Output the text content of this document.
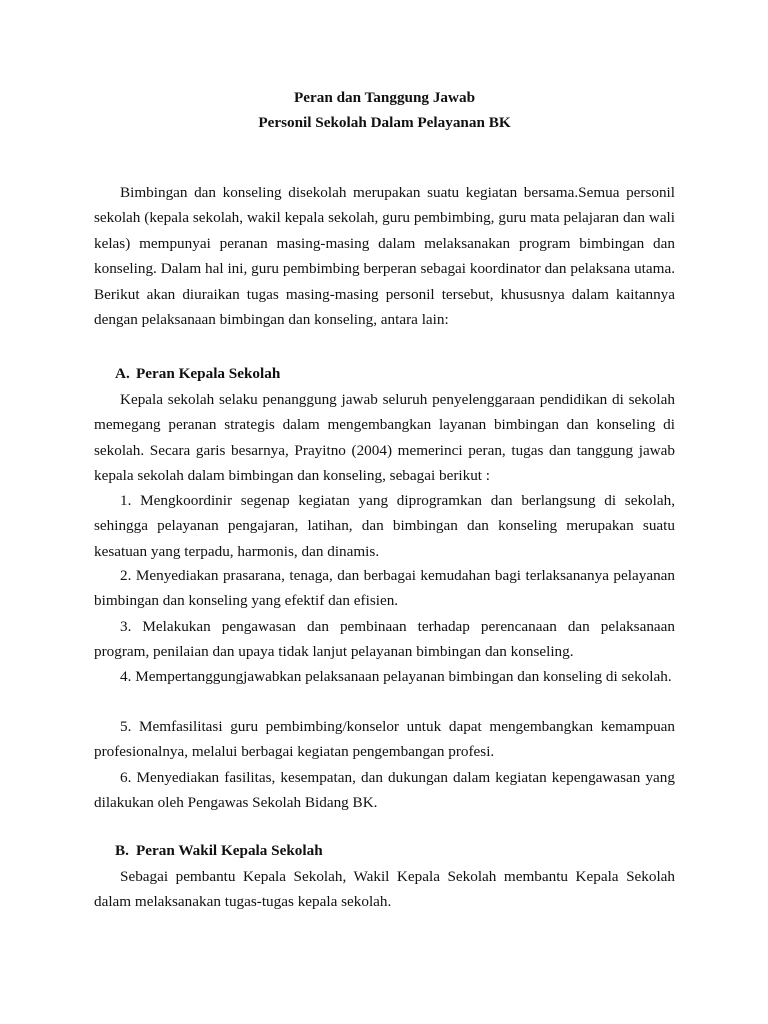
Peran dan Tanggung Jawab
Personil Sekolah Dalam Pelayanan BK

Bimbingan dan konseling disekolah merupakan suatu kegiatan bersama.Semua personil sekolah (kepala sekolah, wakil kepala sekolah, guru pembimbing, guru mata pelajaran dan wali kelas) mempunyai peranan masing-masing dalam melaksanakan program bimbingan dan konseling. Dalam hal ini, guru pembimbing berperan sebagai koordinator dan pelaksana utama. Berikut akan diuraikan tugas masing-masing personil tersebut, khususnya dalam kaitannya dengan pelaksanaan bimbingan dan konseling, antara lain:

A. Peran Kepala Sekolah

Kepala sekolah selaku penanggung jawab seluruh penyelenggaraan pendidikan di sekolah memegang peranan strategis dalam mengembangkan layanan bimbingan dan konseling di sekolah. Secara garis besarnya, Prayitno (2004) memerinci peran, tugas dan tanggung jawab kepala sekolah dalam bimbingan dan konseling, sebagai berikut :

1. Mengkoordinir segenap kegiatan yang diprogramkan dan berlangsung di sekolah, sehingga pelayanan pengajaran, latihan, dan bimbingan dan konseling merupakan suatu kesatuan yang terpadu, harmonis, dan dinamis.

2. Menyediakan prasarana, tenaga, dan berbagai kemudahan bagi terlaksananya pelayanan bimbingan dan konseling yang efektif dan efisien.

3. Melakukan pengawasan dan pembinaan terhadap perencanaan dan pelaksanaan program, penilaian dan upaya tidak lanjut pelayanan bimbingan dan konseling.

4. Mempertanggungjawabkan pelaksanaan pelayanan bimbingan dan konseling di sekolah.

5. Memfasilitasi guru pembimbing/konselor untuk dapat mengembangkan kemampuan profesionalnya, melalui berbagai kegiatan pengembangan profesi.

6. Menyediakan fasilitas, kesempatan, dan dukungan dalam kegiatan kepengawasan yang dilakukan oleh Pengawas Sekolah Bidang BK.

B. Peran Wakil Kepala Sekolah

Sebagai pembantu Kepala Sekolah, Wakil Kepala Sekolah membantu Kepala Sekolah dalam melaksanakan tugas-tugas kepala sekolah.
